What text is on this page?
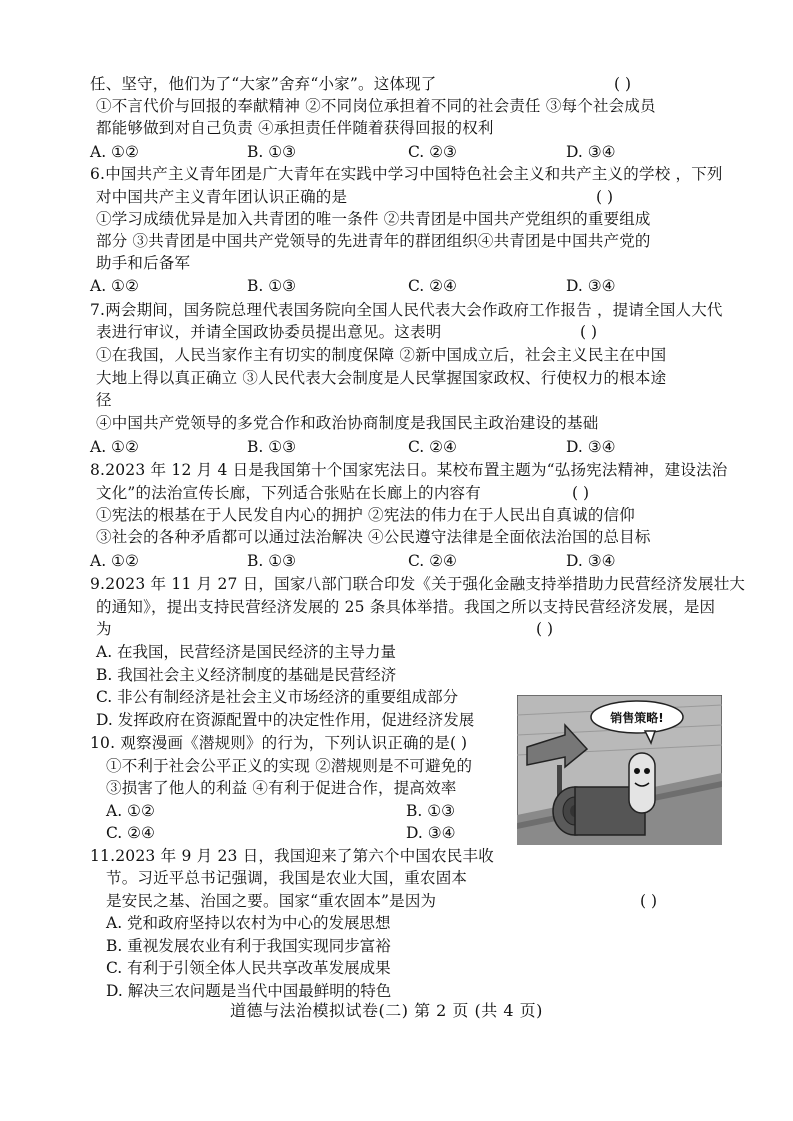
任、坚守，他们为了“大家”舍弃“小家”。这体现了	( )
①不言代价与回报的奉献精神 ②不同岗位承担着不同的社会责任 ③每个社会成员
都能够做到对自己负责 ④承担责任伴随着获得回报的权利
A. ①②	B. ①③	C. ②③	D. ③④
6.中国共产主义青年团是广大青年在实践中学习中国特色社会主义和共产主义的学校 ，下列
对中国共产主义青年团认识正确的是	( )
①学习成绩优异是加入共青团的唯一条件 ②共青团是中国共产党组织的重要组成
部分 ③共青团是中国共产党领导的先进青年的群团组织④共青团是中国共产党的
助手和后备军
A. ①②	B. ①③	C. ②④	D. ③④
7.两会期间，国务院总理代表国务院向全国人民代表大会作政府工作报告 ，提请全国人大代
表进行审议，并请全国政协委员提出意见。这表明	( )
①在我国，人民当家作主有切实的制度保障 ②新中国成立后，社会主义民主在中国
大地上得以真正确立 ③人民代表大会制度是人民掌握国家政权、行使权力的根本途
径
④中国共产党领导的多党合作和政治协商制度是我国民主政治建设的基础
A. ①②	B. ①③	C. ②④	D. ③④
8.2023 年 12 月 4 日是我国第十个国家宪法日。某校布置主题为“弘扬宪法精神，建设法治
文化”的法治宣传长廊，下列适合张贴在长廊上的内容有	( )
①宪法的根基在于人民发自内心的拥护 ②宪法的伟力在于人民出自真诚的信仰
③社会的各种矛盾都可以通过法治解决 ④公民遵守法律是全面依法治国的总目标
A. ①②	B. ①③	C. ②④	D. ③④
9.2023 年 11 月 27 日，国家八部门联合印发《关于强化金融支持举措助力民营经济发展壮大
的通知》，提出支持民营经济发展的 25 条具体举措。我国之所以支持民营经济发展，是因
为	( )
A. 在我国，民营经济是国民经济的主导力量
B. 我国社会主义经济制度的基础是民营经济
C. 非公有制经济是社会主义市场经济的重要组成部分
D. 发挥政府在资源配置中的决定性作用，促进经济发展
10. 观察漫画《潜规则》的行为，下列认识正确的是 ( )
①不利于社会公平正义的实现 ②潜规则是不可避免的
③损害了他人的利益 ④有利于促进合作，提高效率
A. ①②	B. ①③
C. ②④	D. ③④
销售策略!
11.2023 年 9 月 23 日，我国迎来了第六个中国农民丰收
节。习近平总书记强调，我国是农业大国，重农固本
是安民之基、治国之要。国家“重农固本”是因为	( )
A. 党和政府坚持以农村为中心的发展思想
B. 重视发展农业有利于我国实现同步富裕
C. 有利于引领全体人民共享改革发展成果
D. 解决三农问题是当代中国最鲜明的特色
道德与法治模拟试卷(二) 第 2 页 (共 4 页)
